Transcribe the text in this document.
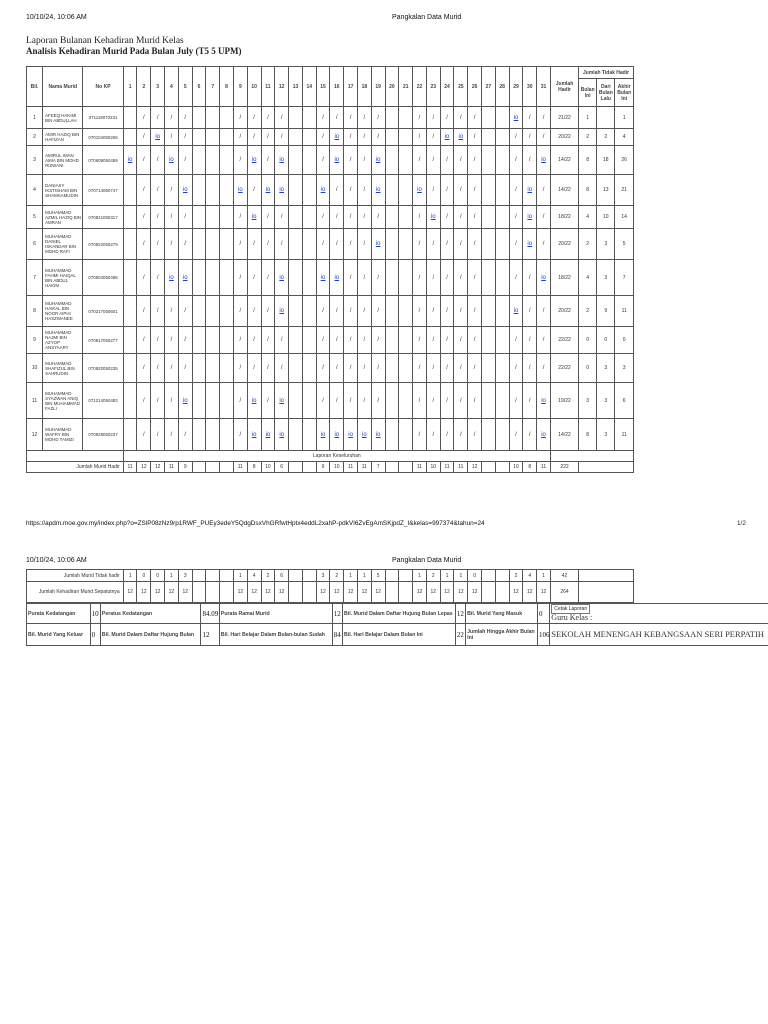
10/10/24, 10:06 AM	Pangkalan Data Murid
Laporan Bulanan Kehadiran Murid Kelas
Analisis Kehadiran Murid Pada Bulan July (T5 5 UPM)
Bil.	Nama Murid	No KP	1	2	3	4	5	6	7	8	9	10	11	12	13	14	15	16	17	18	19	20	21	22	23	24	25	26	27	28	29	30	31	Jumlah Hadir	Jumlah Tidak Hadir		
																																			Bulan Ini	Dari Bulan Lalu	Akhir Bulan Ini
1	AFEEQ HAKIMI BIN ABDULLAH	071119070231		/	/	/	/				/	/	/	/			/	/	/	/	/			/	/	/	/	/			io	/	/	21/22	1		1
2	AMIR HAZIQ BIN HAFIZAN	070104050269		/	io	/	/				/	/	/	/			/	io	/	/	/			/	/	io	io	/			/	/	/	20/22	2	2	4
3	AMIRUL IMAN AIMA BIN MOHD RIZWANI	070609050459	io	/	/	io	/				/	io	/	io			/	io	/	/	io			/	/	/	/	/			/	/	io	14/22	8	18	26
4	DANIASY IKSTISHAM BIN SHAMSAMUDIN	070714060747		/	/	/	io				io	/	io	io			io	/	/	/	io			io	/	/	/	/			/	io	/	14/22	8	13	21
5	MUHAMMAD AZMIL HAZIQ BIN AMRAN	070821050317		/	/	/	/				/	io	/	/			/	/	/	/	/			/	io	/	/	/			/	io	/	18/22	4	10	14
6	MUHAMMAD DANIEL ISKANDAR BIN MOHD RAFI	070922050279		/	/	/	/				/	/	/	/			/	/	/	/	io			/	/	/	/	/			/	io	/	20/22	2	3	5
7	MUHAMMAD FAHMI HAIQAL BIN ABDUL HAKIM	070504050495		/	/	io	io				/	/	/	io			io	io	/	/	/			/	/	/	/	/			/	/	io	18/22	4	3	7
8	MUHAMMAD HAIKAL BIN NOOR AIPHI HASZWANEE	070217050601		/	/	/	/				/	/	/	io			/	/	/	/	/			/	/	/	/	/			io	/	/	20/22	2	9	11
9	MUHAMMAD NAJMI BIN AZYOP ANSYAARY	070817050277		/	/	/	/				/	/	/	/			/	/	/	/	/			/	/	/	/	/			/	/	/	22/22	0	0	0
10	MUHAMMAD SHAFIZUL BIN SAHRUDIN	070820050235		/	/	/	/				/	/	/	/			/	/	/	/	/			/	/	/	/	/			/	/	/	22/22	0	3	3
11	MUHAMMAD SYAZWAN ANIQ BIN MUHAMMAD FAZLI	071214050483		/	/	/	io				/	io	/	io			/	/	/	/	/			/	/	/	/	/			/	/	io	19/22	3	3	6
12	MUHAMMAD WAFRY BIN MOHD TAMIZI	070928050237		/	/	/	/				/	io	io	io			io	io	io	io	io			/	/	/	/	/			/	/	io	14/22	8	3	11
			Laporan Keseluruhan																																		
Jumlah Murid Hadir			11	12	12	11	9				11	8	10	6			9	10	11	11	7			11	10	11	11	12			10	8	11	222			
https://apdm.moe.gov.my/index.php?o=ZSlP08zNz9rp1RWF_PUEy3edeY5QdgDsxVhGRfwtHptx4eddL2xahP-pdkVI6ZvEgAmSKjpdZ_I&kelas=997374&tahun=24	1/2
10/10/24, 10:06 AM	Pangkalan Data Murid
Jumlah Murid Tidak hadir	1	0	0	1	3				1	4	2	6			3	2	1	1	5			1	2	1	1	0			2	4	1	42	
Jumlah Kehadiran Murid Sepatutnya	12	12	12	12	12				12	12	12	12			12	12	12	12	12			12	12	12	12	12			12	12	12	264	
Purata Kedatangan	10	Peratus Kedatangan	84.09	Purata Ramai Murid	12	Bil. Murid Dalam Daftar Hujung Bulan Lepas	12	Bil. Murid Yang Masuk	0	Cetak Laporan
Guru Kelas :
Bil. Murid Yang Keluar	0	Bil. Murid Dalam Daftar Hujung Bulan	12	Bil. Hari Belajar Dalam Bulan-bulan Sudah	84	Bil. Hari Belajar Dalam Bulan Ini	22	Jumlah Hingga Akhir Bulan Ini	106	SEKOLAH MENENGAH KEBANGSAAN SERI PERPATIH
